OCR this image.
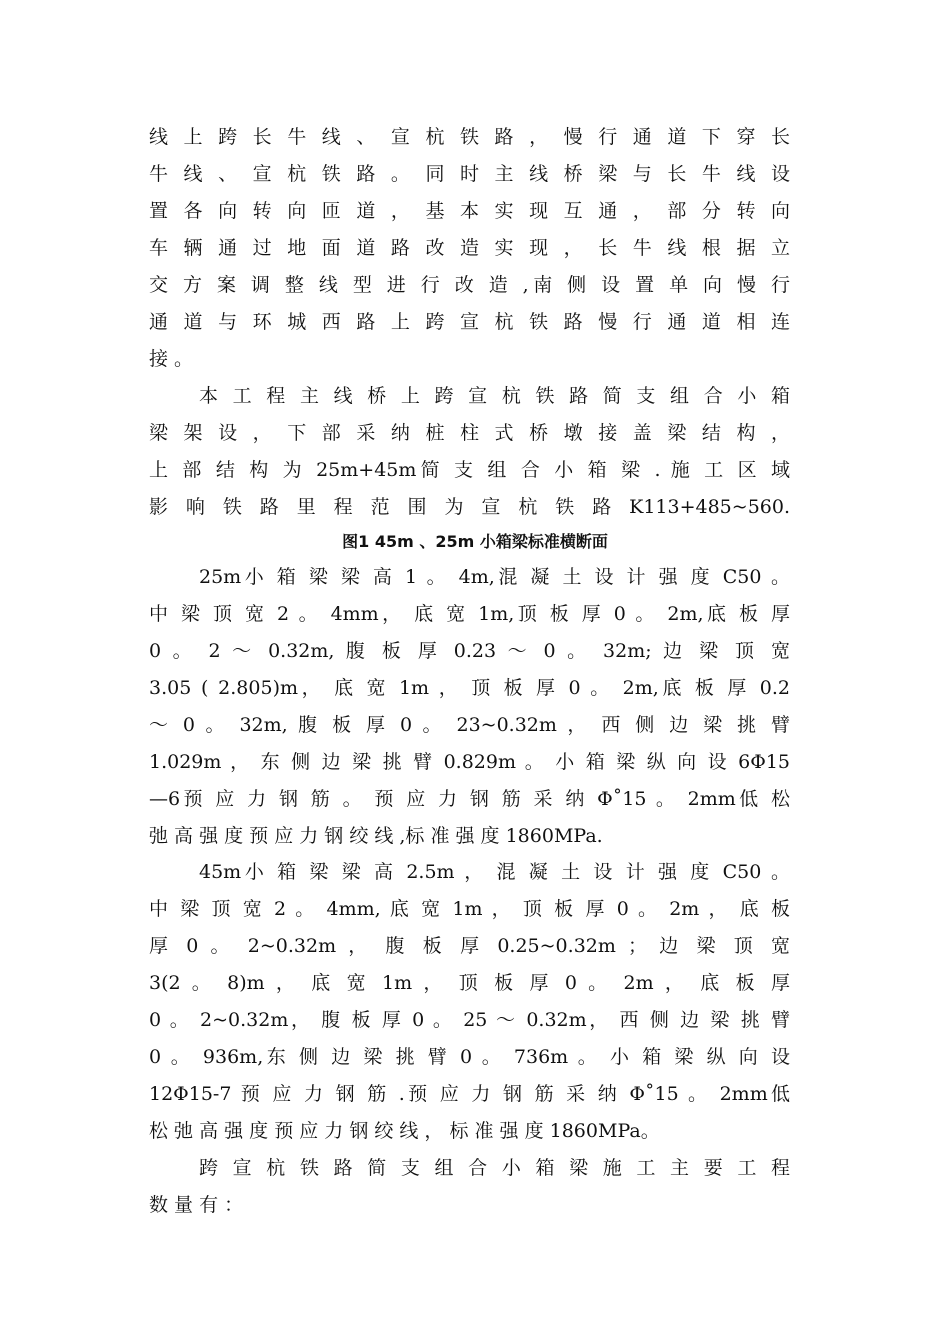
线 上 跨 长 牛 线 、 宣 杭 铁 路 ， 慢 行 通 道 下 穿 长
牛 线 、 宣 杭 铁 路 。 同 时 主 线 桥 梁 与 长 牛 线 设
置 各 向 转 向 匝 道 ， 基 本 实 现 互 通 ， 部 分 转 向
车 辆 通 过 地 面 道 路 改 造 实 现 ， 长 牛 线 根 据 立
交 方 案 调 整 线 型 进 行 改 造 ,南 侧 设 置 单 向 慢 行
通 道 与 环 城 西 路 上 跨 宣 杭 铁 路 慢 行 通 道 相 连
接 。
本 工 程 主 线 桥 上 跨 宣 杭 铁 路 简 支 组 合 小 箱
梁 架 设 ， 下 部 采 纳 桩 柱 式 桥 墩 接 盖 梁 结 构 ，
上 部 结 构 为 25m+45m简 支 组 合 小 箱 梁 . 施 工 区 域
影 响 铁 路 里 程 范 围 为 宣 杭 铁 路 K113+485~560.
图1 45m 、25m 小箱梁标准横断面
25m小 箱 梁 梁 高 1 。 4m,混 凝 土 设 计 强 度 C50 。
中 梁 顶 宽 2 。 4mm， 底 宽 1m,顶 板 厚 0 。 2m,底 板 厚
0 。 2 ～ 0.32m, 腹 板 厚 0.23 ～ 0 。 32m; 边 梁 顶 宽
3.05 ( 2.805)m， 底 宽 1m ， 顶 板 厚 0 。 2m,底 板 厚 0.2
～ 0 。 32m, 腹 板 厚 0 。 23~0.32m ， 西 侧 边 梁 挑 臂
1.029m ， 东 侧 边 梁 挑 臂 0.829m 。 小 箱 梁 纵 向 设 6Φ15
—6预 应 力 钢 筋 。 预 应 力 钢 筋 采 纳 Φ˚15 。 2mm低 松
弛 高 强 度 预 应 力 钢 绞 线 ,标 准 强 度 1860MPa.
45m小 箱 梁 梁 高 2.5m ， 混 凝 土 设 计 强 度 C50 。
中 梁 顶 宽 2 。 4mm, 底 宽 1m ， 顶 板 厚 0 。 2m ， 底 板
厚 0 。 2~0.32m ， 腹 板 厚 0.25~0.32m ； 边 梁 顶 宽
3(2 。 8)m ， 底 宽 1m ， 顶 板 厚 0 。 2m ， 底 板 厚
0 。 2~0.32m， 腹 板 厚 0 。 25 ～ 0.32m， 西 侧 边 梁 挑 臂
0 。 936m,东 侧 边 梁 挑 臂 0 。 736m 。 小 箱 梁 纵 向 设
12Φ15-7 预 应 力 钢 筋 .预 应 力 钢 筋 采 纳 Φ˚15 。 2mm低
松 弛 高 强 度 预 应 力 钢 绞 线 ， 标 准 强 度 1860MPa。
跨 宣 杭 铁 路 简 支 组 合 小 箱 梁 施 工 主 要 工 程
数 量 有 ：
